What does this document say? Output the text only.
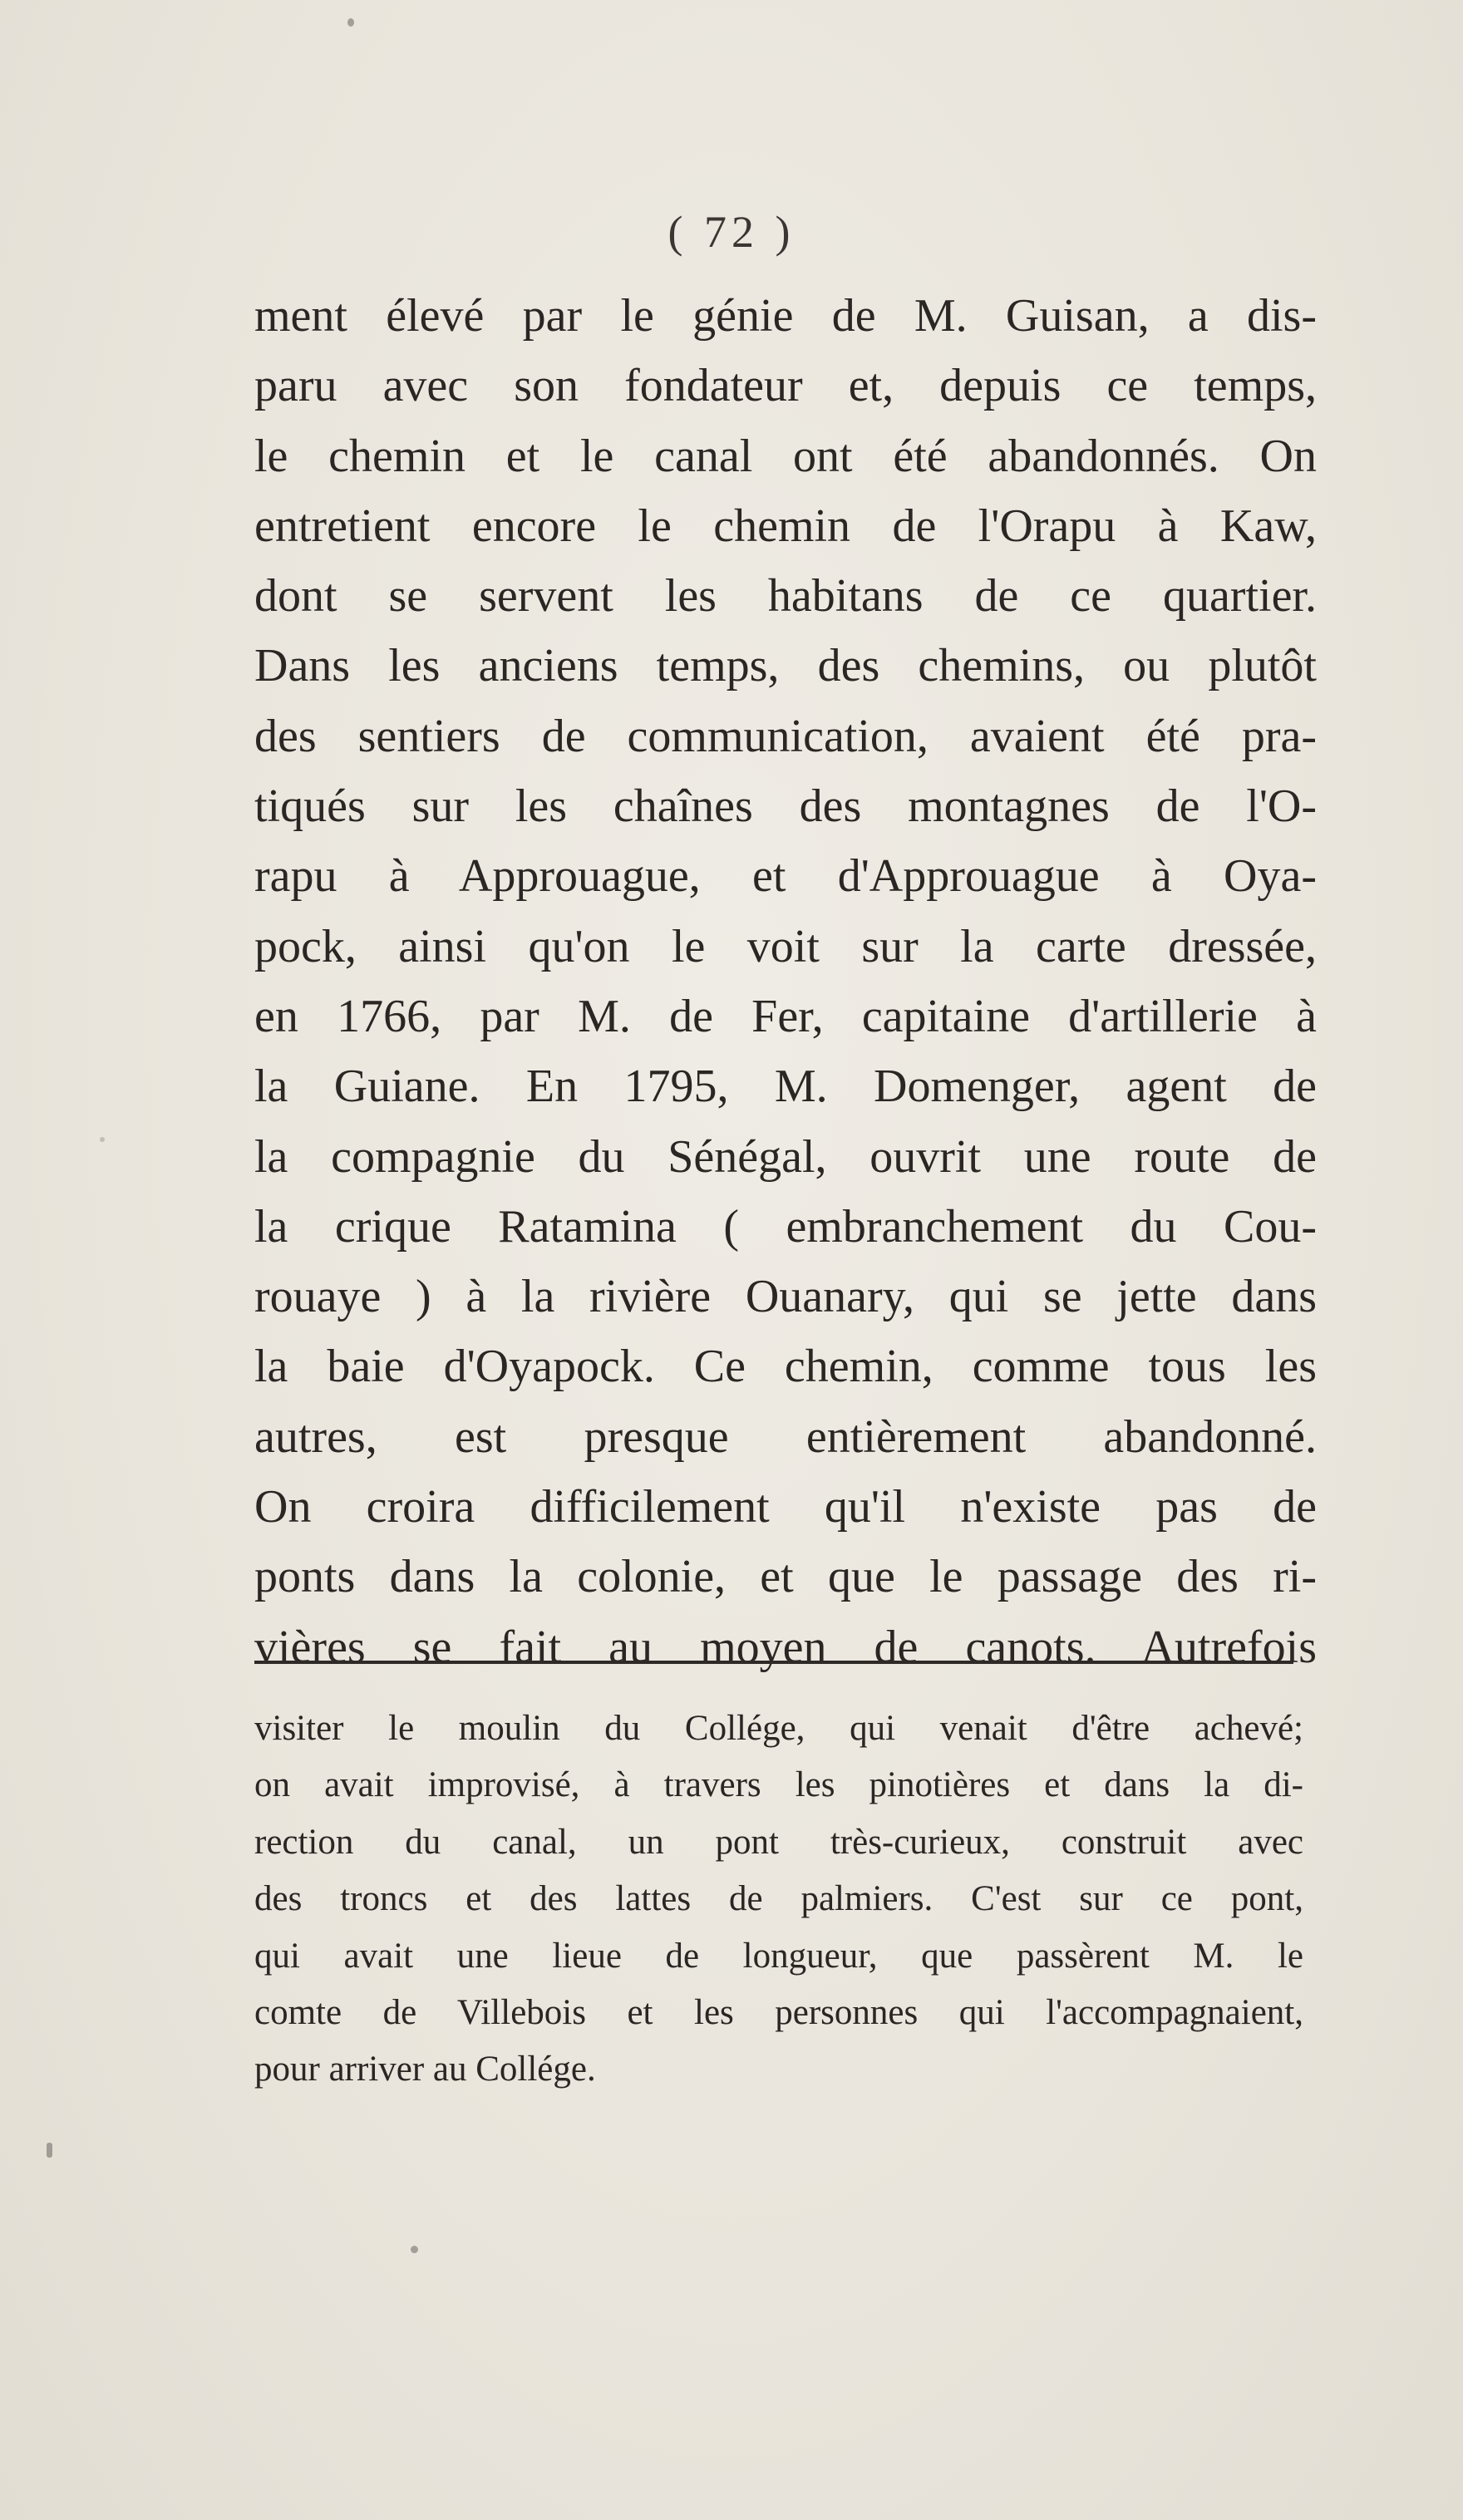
( 72 )
ment élevé par le génie de M. Guisan, a dis-
paru avec son fondateur et, depuis ce temps,
le chemin et le canal ont été abandonnés. On
entretient encore le chemin de l'Orapu à Kaw,
dont se servent les habitans de ce quartier.
Dans les anciens temps, des chemins, ou plutôt
des sentiers de communication, avaient été pra-
tiqués sur les chaînes des montagnes de l'O-
rapu à Approuague, et d'Approuague à Oya-
pock, ainsi qu'on le voit sur la carte dressée,
en 1766, par M. de Fer, capitaine d'artillerie à
la Guiane. En 1795, M. Domenger, agent de
la compagnie du Sénégal, ouvrit une route de
la crique Ratamina ( embranchement du Cou-
rouaye ) à la rivière Ouanary, qui se jette dans
la baie d'Oyapock. Ce chemin, comme tous les
autres, est presque entièrement abandonné.
On croira difficilement qu'il n'existe pas de
ponts dans la colonie, et que le passage des ri-
vières se fait au moyen de canots. Autrefois
visiter le moulin du Collége, qui venait d'être achevé;
on avait improvisé, à travers les pinotières et dans la di-
rection du canal, un pont très-curieux, construit avec
des troncs et des lattes de palmiers. C'est sur ce pont,
qui avait une lieue de longueur, que passèrent M. le
comte de Villebois et les personnes qui l'accompagnaient,
pour arriver au Collége.
